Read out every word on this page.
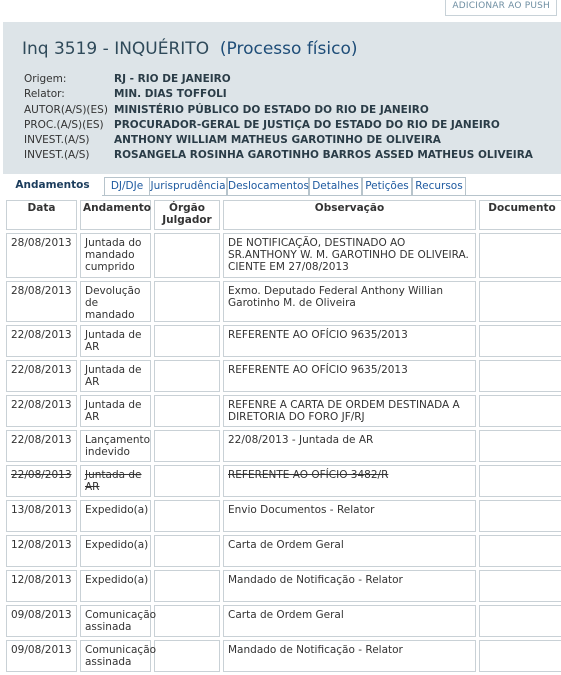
ADICIONAR AO PUSH
Inq 3519 - INQUÉRITO (Processo físico)
Origem:	RJ - RIO DE JANEIRO
Relator:	MIN. DIAS TOFFOLI
AUTOR(A/S)(ES) MINISTÉRIO PÚBLICO DO ESTADO DO RIO DE JANEIRO
PROC.(A/S)(ES) PROCURADOR-GERAL DE JUSTIÇA DO ESTADO DO RIO DE JANEIRO
INVEST.(A/S) ANTHONY WILLIAM MATHEUS GAROTINHO DE OLIVEIRA
INVEST.(A/S) ROSANGELA ROSINHA GAROTINHO BARROS ASSED MATHEUS OLIVEIRA
Andamentos	DJ/DJe Jurisprudência Deslocamentos Detalhes Petições Recursos
Data	Andamento	Órgão Julgador	Observação	Documento
28/08/2013	Juntada do mandado cumprido		DE NOTIFICAÇÃO, DESTINADO AO SR.ANTHONY W. M. GAROTINHO DE OLIVEIRA. CIENTE EM 27/08/2013	
28/08/2013	Devolução de mandado		Exmo. Deputado Federal Anthony Willian Garotinho M. de Oliveira	
22/08/2013	Juntada de AR		REFERENTE AO OFÍCIO 9635/2013	
22/08/2013	Juntada de AR		REFERENTE AO OFÍCIO 9635/2013	
22/08/2013	Juntada de AR		REFENRE A CARTA DE ORDEM DESTINADA A DIRETORIA DO FORO JF/RJ	
22/08/2013	Lançamento indevido		22/08/2013 - Juntada de AR	
22/08/2013	Juntada de AR		REFERENTE AO OFÍCIO 3482/R	
13/08/2013	Expedido(a)		Envio Documentos - Relator	
12/08/2013	Expedido(a)		Carta de Ordem Geral	
12/08/2013	Expedido(a)		Mandado de Notificação - Relator	
09/08/2013	Comunicação assinada		Carta de Ordem Geral	
09/08/2013	Comunicação assinada		Mandado de Notificação - Relator	
